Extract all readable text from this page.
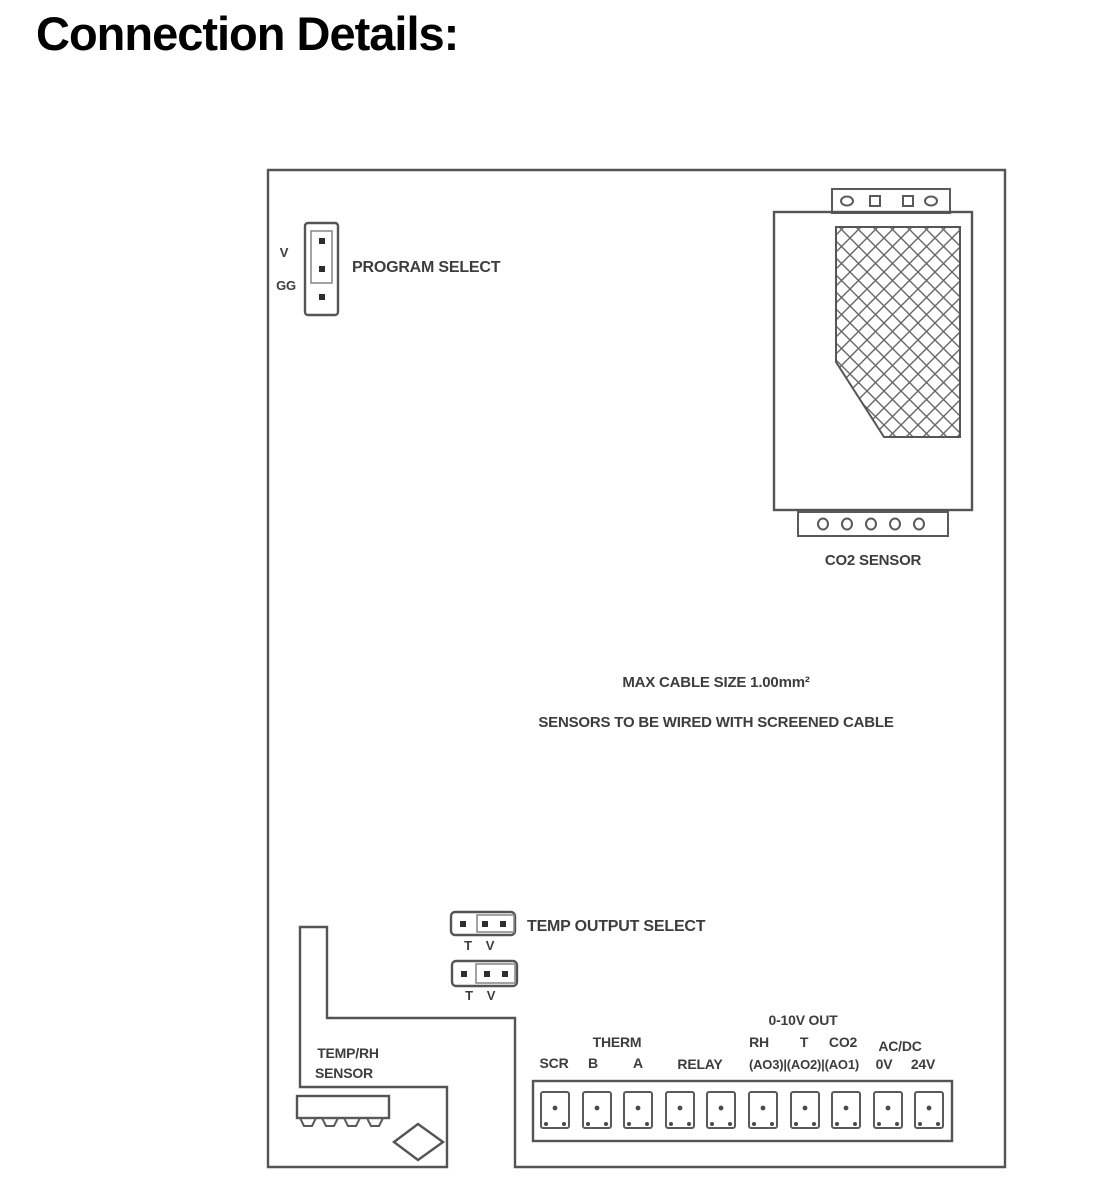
Connection Details:
V
GG
PROGRAM SELECT
CO2 SENSOR
MAX CABLE SIZE 1.00mm²
SENSORS TO BE WIRED WITH SCREENED CABLE
T V
TEMP OUTPUT SELECT
T V
TEMP/RH
SENSOR
0-10V OUT
THERM	RH T CO2 AC/DC
SCR B	A RELAY (AO3)|(AO2)|(AO1) 0V 24V
